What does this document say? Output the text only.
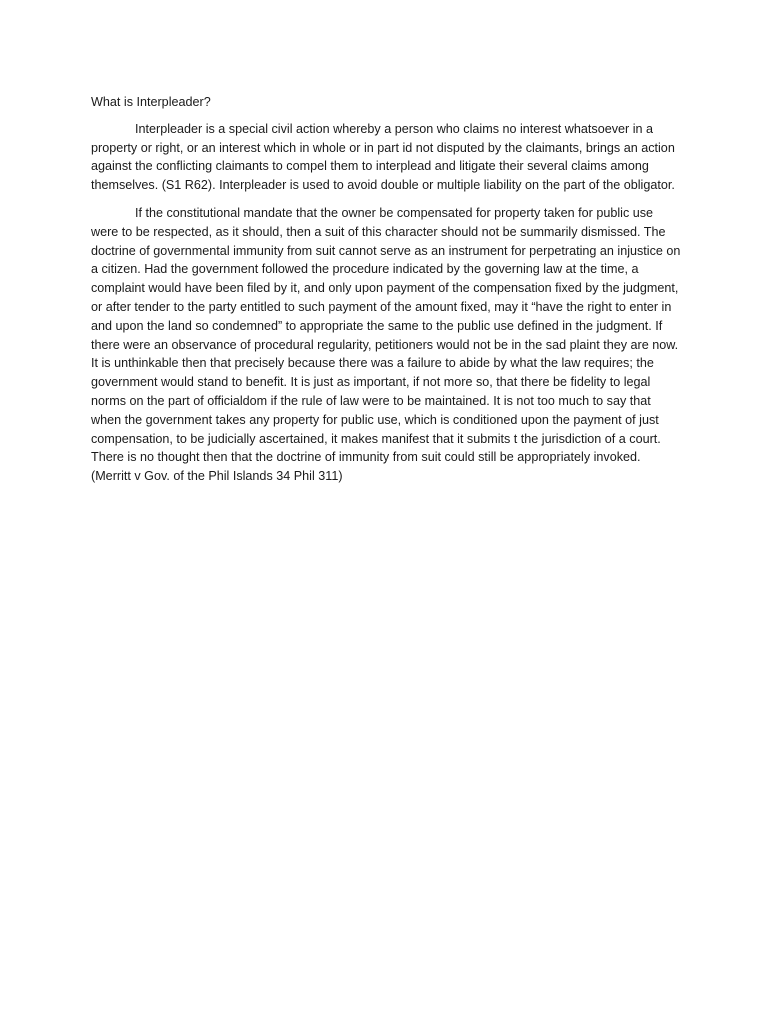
What is Interpleader?

Interpleader is a special civil action whereby a person who claims no interest whatsoever in a property or right, or an interest which in whole or in part id not disputed by the claimants, brings an action against the conflicting claimants to compel them to interplead and litigate their several claims among themselves. (S1 R62). Interpleader is used to avoid double or multiple liability on the part of the obligator.

If the constitutional mandate that the owner be compensated for property taken for public use were to be respected, as it should, then a suit of this character should not be summarily dismissed. The doctrine of governmental immunity from suit cannot serve as an instrument for perpetrating an injustice on a citizen. Had the government followed the procedure indicated by the governing law at the time, a complaint would have been filed by it, and only upon payment of the compensation fixed by the judgment, or after tender to the party entitled to such payment of the amount fixed, may it “have the right to enter in and upon the land so condemned” to appropriate the same to the public use defined in the judgment. If there were an observance of procedural regularity, petitioners would not be in the sad plaint they are now. It is unthinkable then that precisely because there was a failure to abide by what the law requires; the government would stand to benefit. It is just as important, if not more so, that there be fidelity to legal norms on the part of officialdom if the rule of law were to be maintained. It is not too much to say that when the government takes any property for public use, which is conditioned upon the payment of just compensation, to be judicially ascertained, it makes manifest that it submits t the jurisdiction of a court. There is no thought then that the doctrine of immunity from suit could still be appropriately invoked. (Merritt v Gov. of the Phil Islands 34 Phil 311)
